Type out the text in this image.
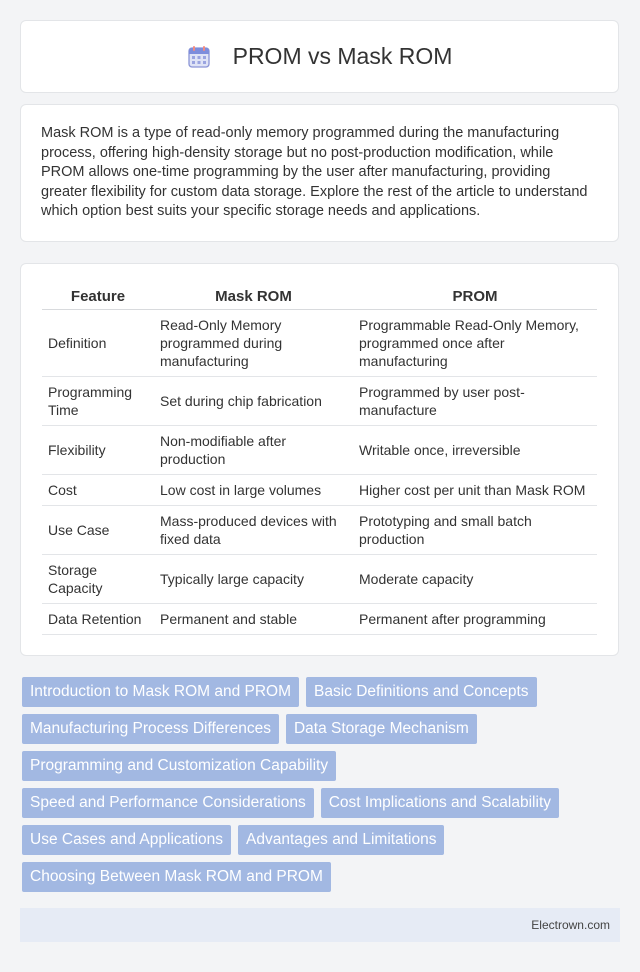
PROM vs Mask ROM

Mask ROM is a type of read-only memory programmed during the manufacturing process, offering high-density storage but no post-production modification, while PROM allows one-time programming by the user after manufacturing, providing greater flexibility for custom data storage. Explore the rest of the article to understand which option best suits your specific storage needs and applications.

Feature	Mask ROM	PROM
Definition	Read-Only Memory programmed during manufacturing	Programmable Read-Only Memory, programmed once after manufacturing
Programming Time	Set during chip fabrication	Programmed by user post-manufacture
Flexibility	Non-modifiable after production	Writable once, irreversible
Cost	Low cost in large volumes	Higher cost per unit than Mask ROM
Use Case	Mass-produced devices with fixed data	Prototyping and small batch production
Storage Capacity	Typically large capacity	Moderate capacity
Data Retention	Permanent and stable	Permanent after programming
Introduction to Mask ROM and PROM	Basic Definitions and Concepts
Manufacturing Process Differences	Data Storage Mechanism
Programming and Customization Capability
Speed and Performance Considerations	Cost Implications and Scalability
Use Cases and Applications	Advantages and Limitations
Choosing Between Mask ROM and PROM
Electrown.com
